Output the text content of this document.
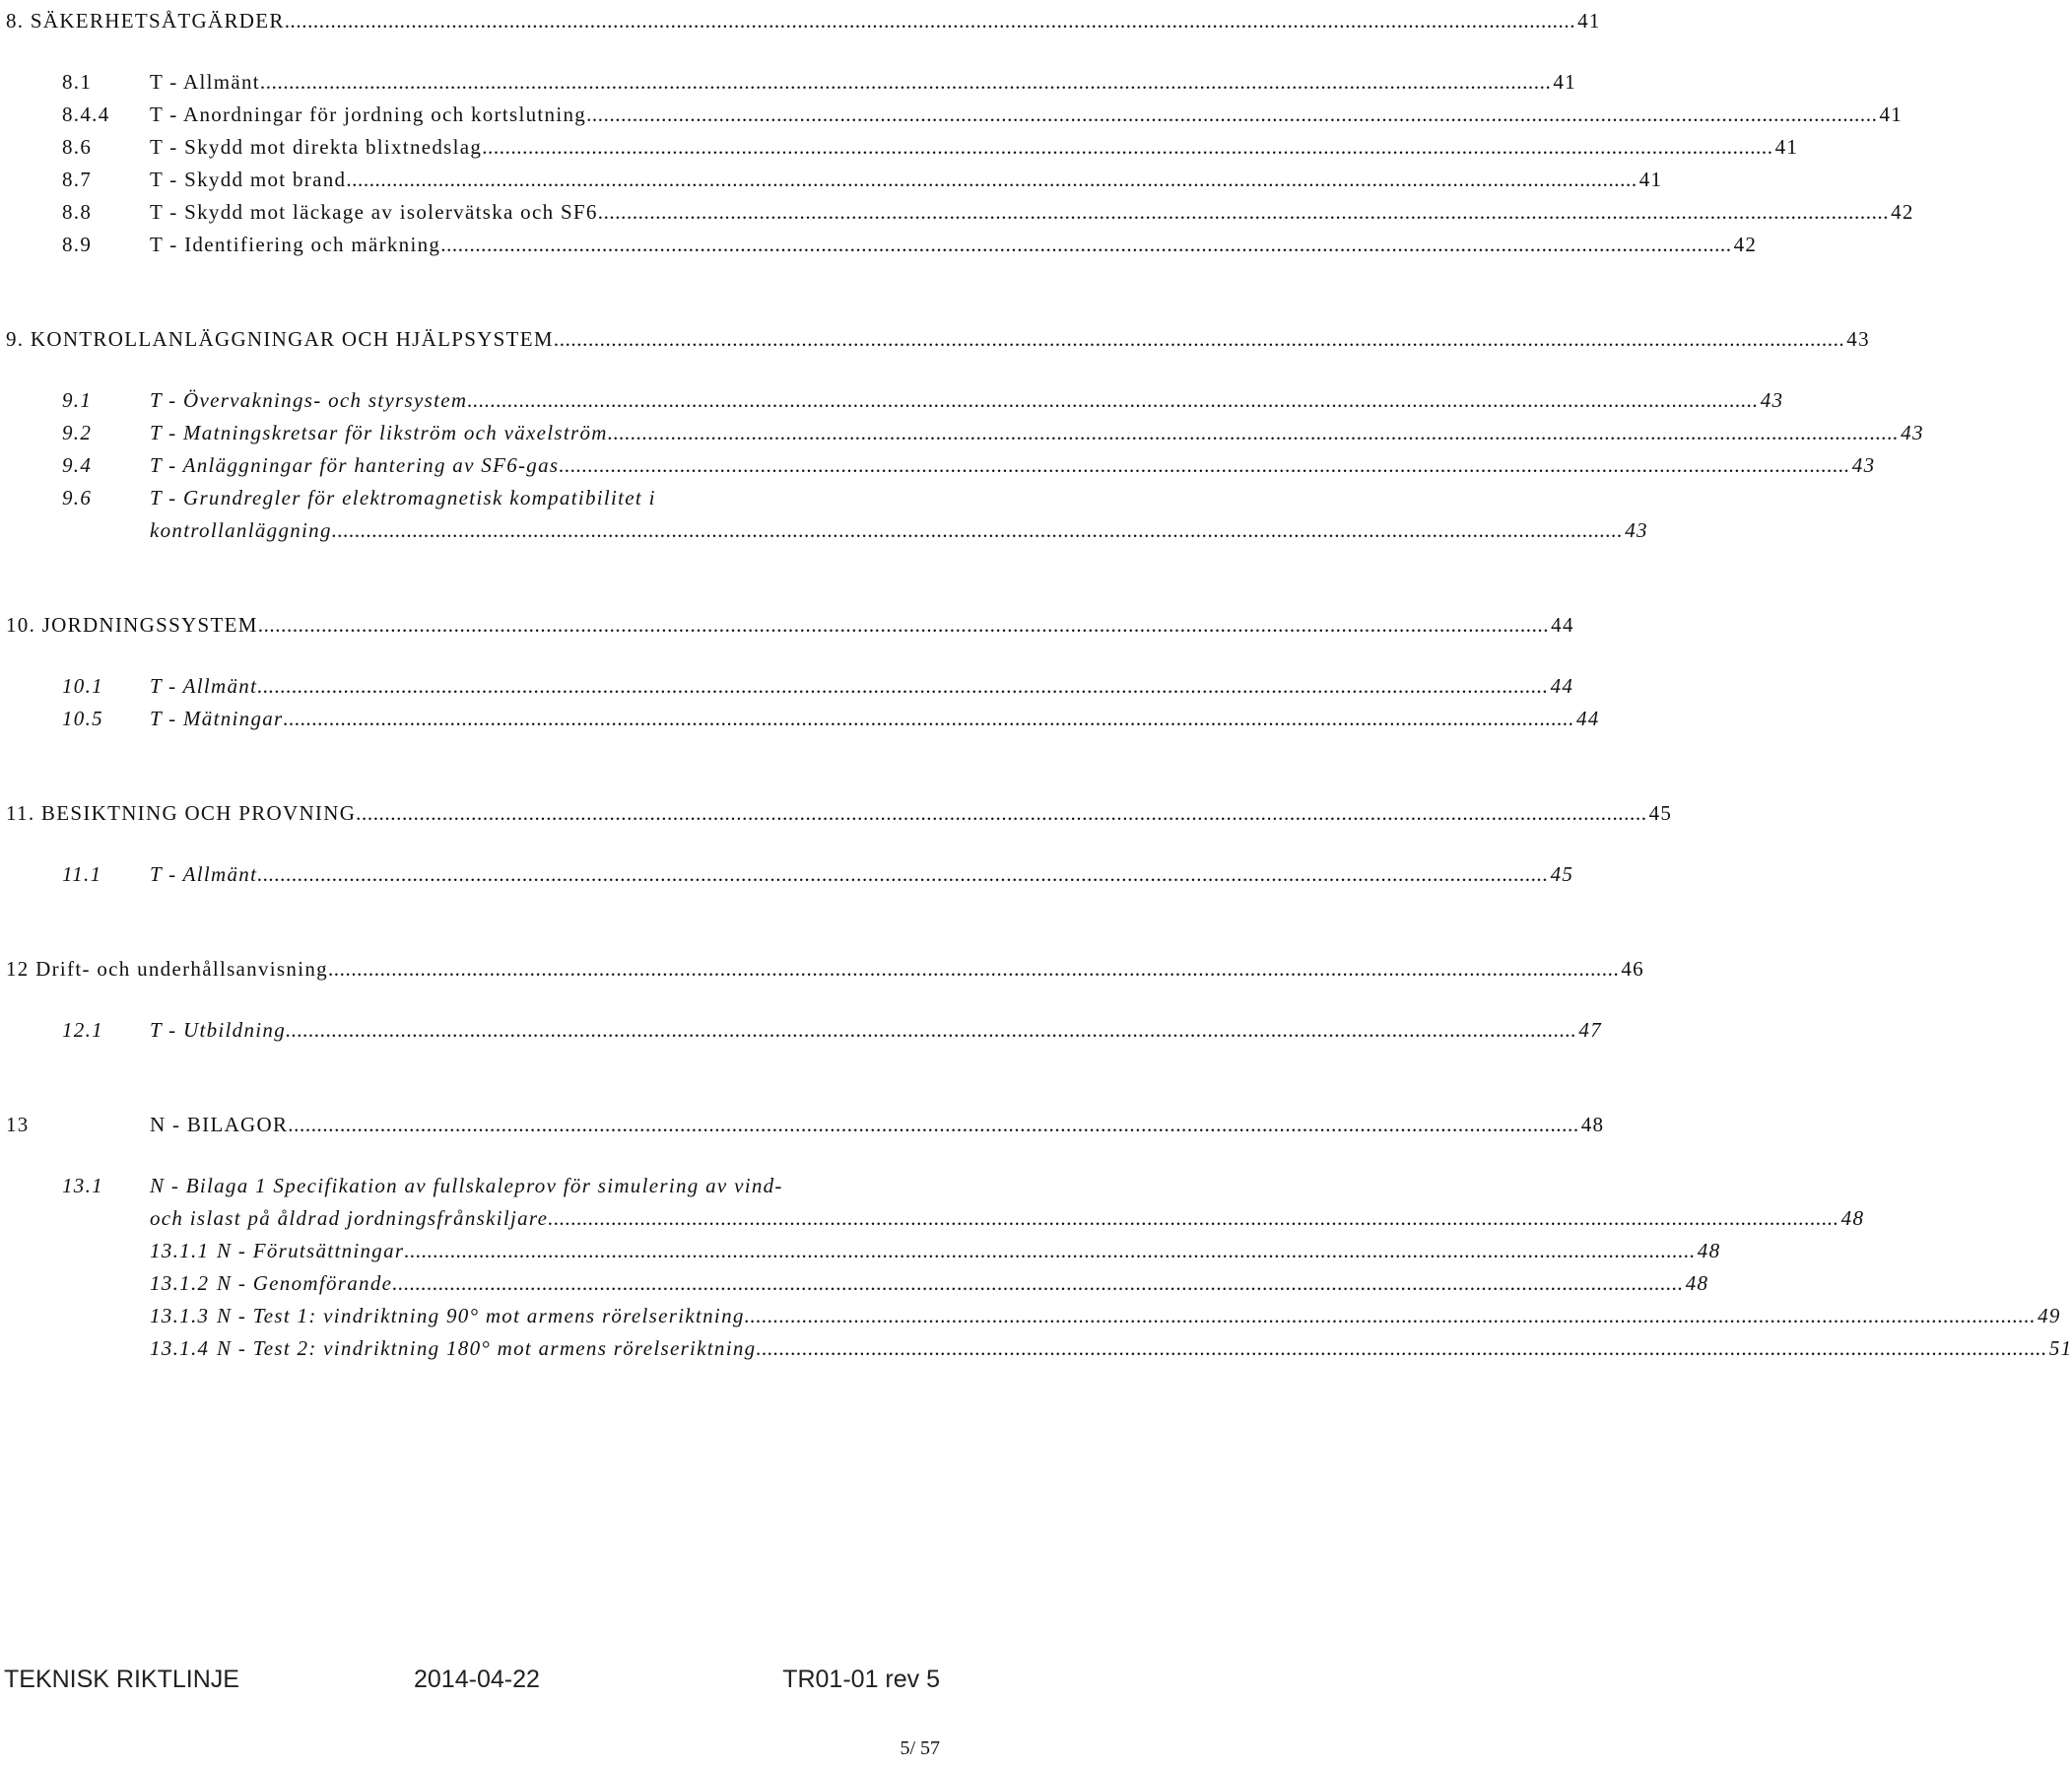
8. SÄKERHETSÅTGÄRDER .....	41
8.1	T - Allmänt .....	41
8.4.4	T - Anordningar för jordning och kortslutning .....	41
8.6	T - Skydd mot direkta blixtnedslag .....	41
8.7	T - Skydd mot brand .....	41
8.8	T - Skydd mot läckage av isolervätska och SF6 .....	42
8.9	T - Identifiering och märkning .....	42
9. KONTROLLANLÄGGNINGAR OCH HJÄLPSYSTEM .....	43
9.1	T - Övervaknings- och styrsystem .....	43
9.2	T - Matningskretsar för likström och växelström .....	43
9.4	T - Anläggningar för hantering av SF6-gas .....	43
9.6	T - Grundregler för elektromagnetisk kompatibilitet i
kontrollanläggning .....	43
10. JORDNINGSSYSTEM .....	44
10.1	T - Allmänt .....	44
10.5	T - Mätningar .....	44
11. BESIKTNING OCH PROVNING .....	45
11.1	T - Allmänt .....	45
12 Drift- och underhållsanvisning .....	46
12.1	T - Utbildning .....	47
13	N - BILAGOR .....	48
13.1	N - Bilaga 1 Specifikation av fullskaleprov för simulering av vind-
och islast på åldrad jordningsfrånskiljare .....	48
13.1.1 N - Förutsättningar .....	48
13.1.2 N - Genomförande .....	48
13.1.3 N - Test 1: vindriktning 90° mot armens rörelseriktning .....	49
13.1.4 N - Test 2: vindriktning 180° mot armens rörelseriktning .....	51
TEKNISK RIKTLINJE	2014-04-22	TR01-01 rev 5
5/ 57
